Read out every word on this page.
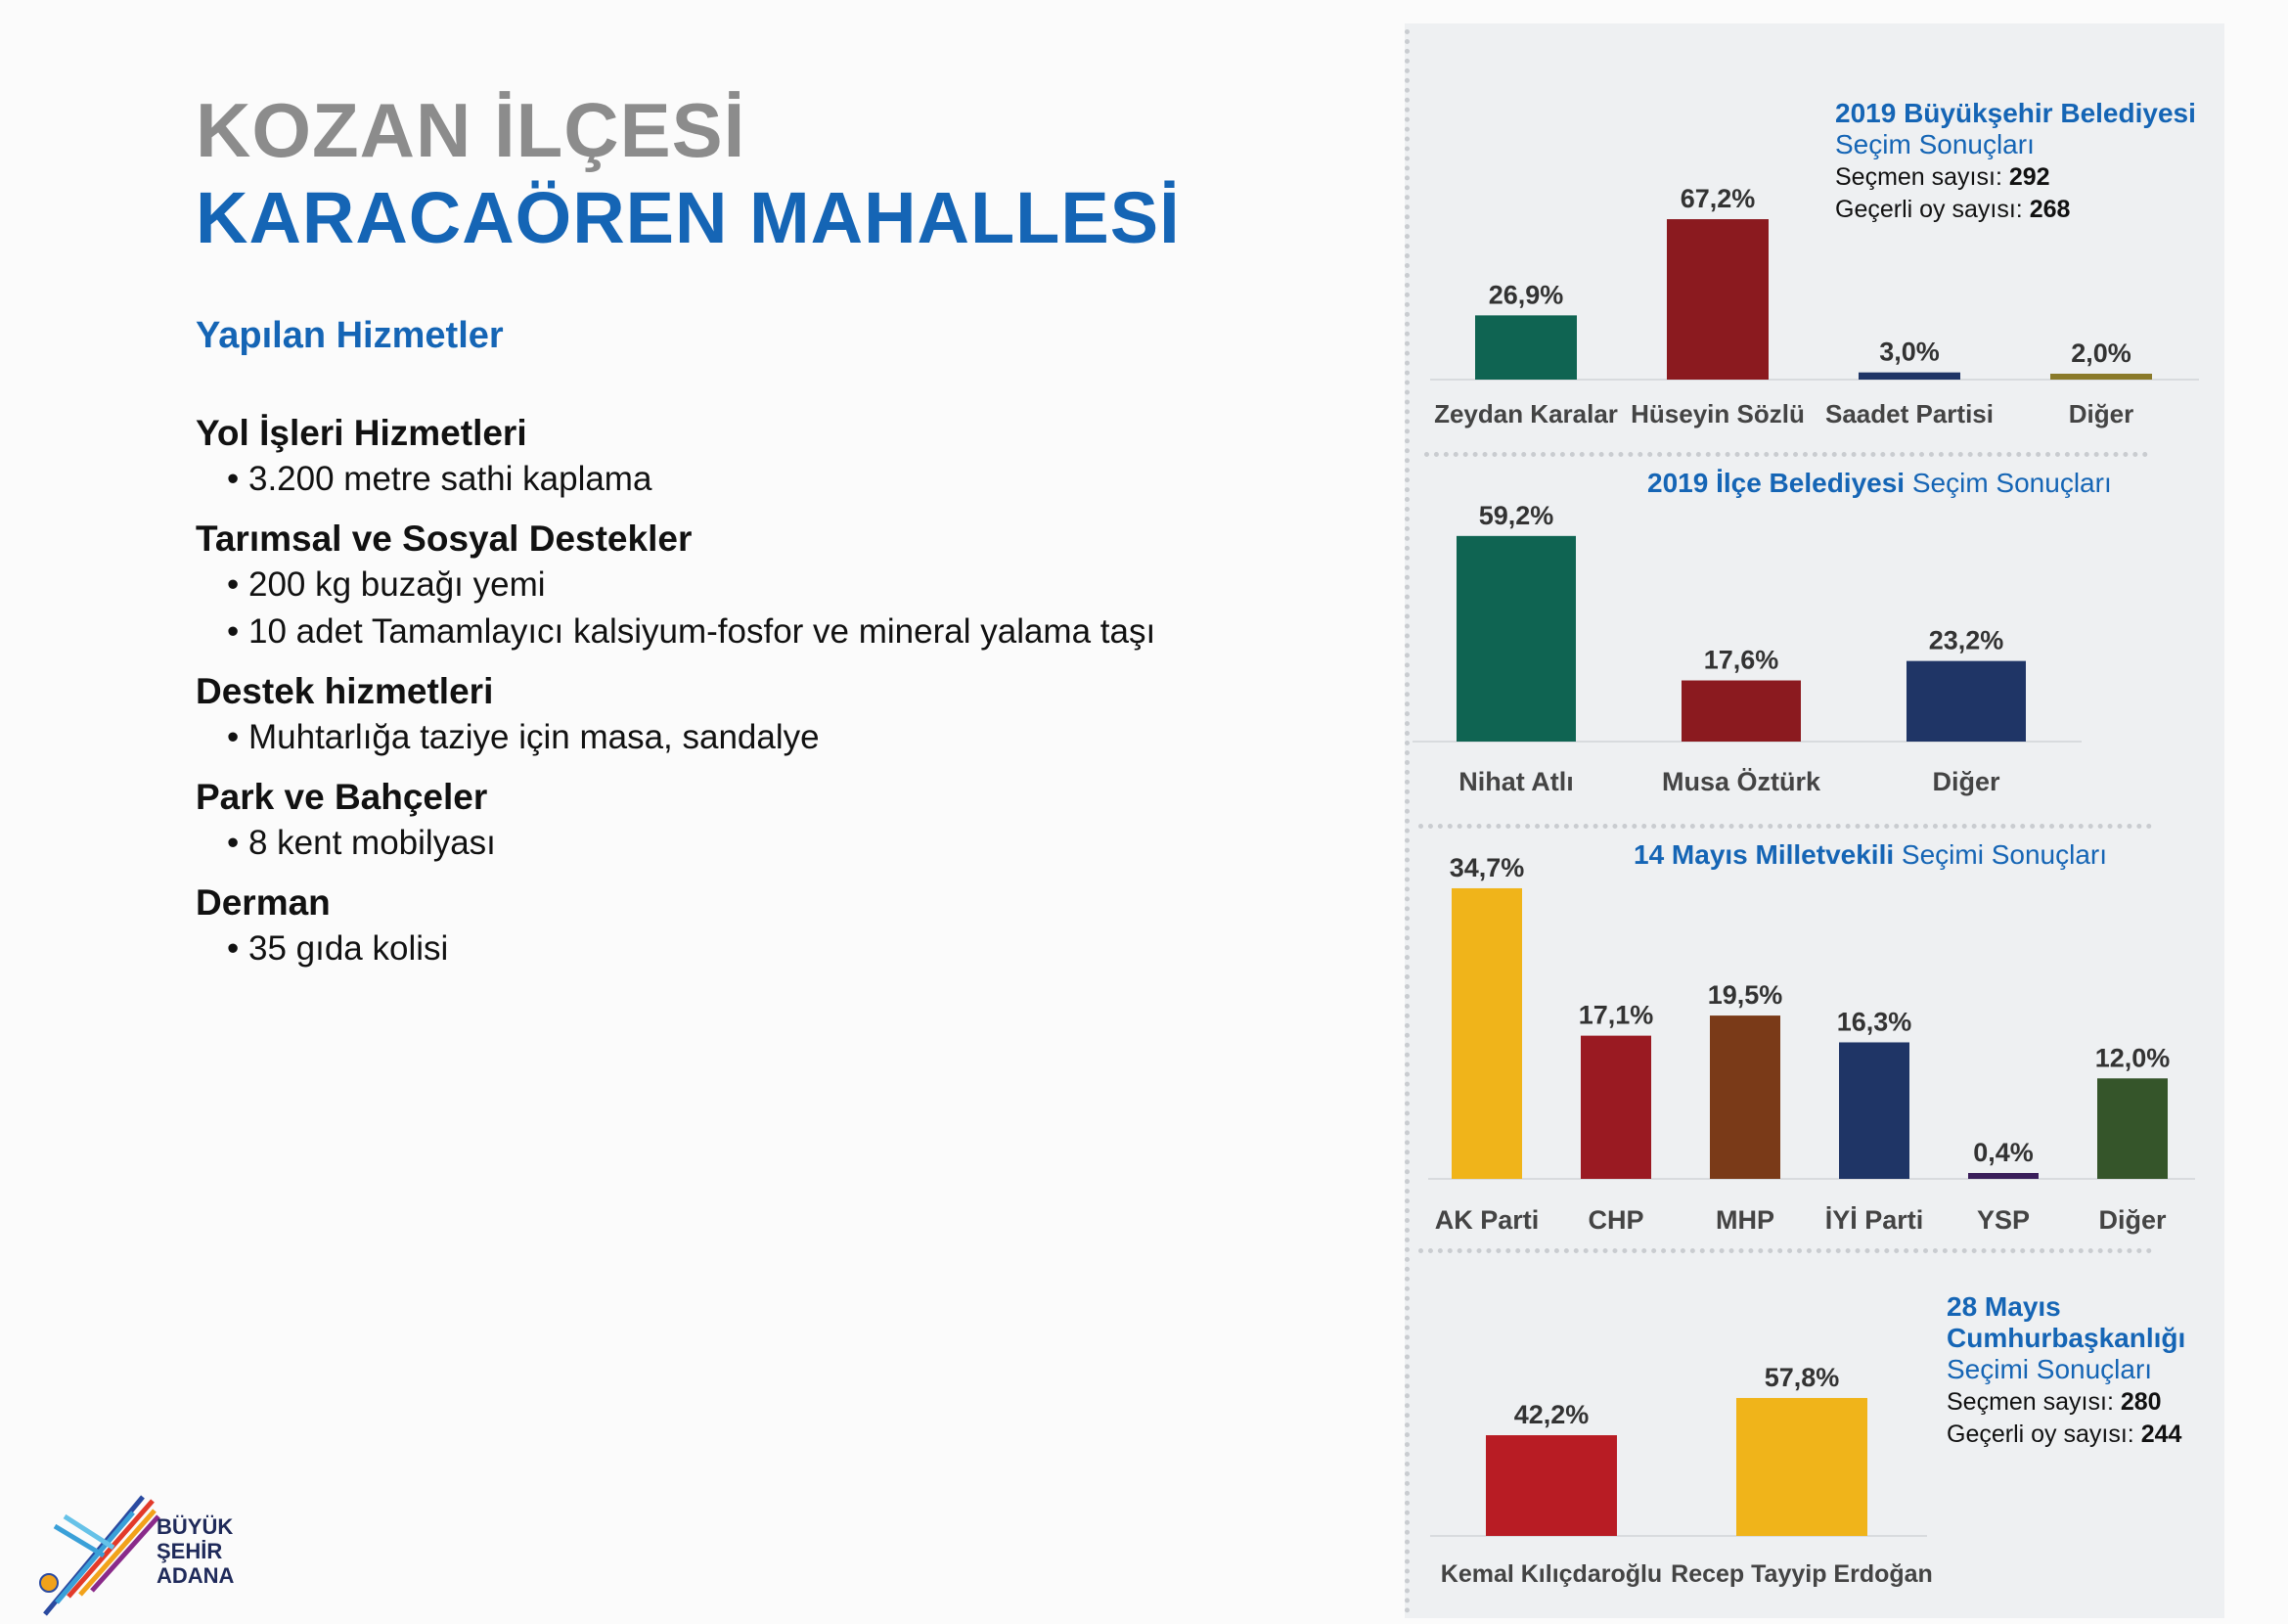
KOZAN İLÇESİ
KARACAÖREN MAHALLESİ
Yapılan Hizmetler

Yol İşleri Hizmetleri

• 3.200 metre sathi kaplama

Tarımsal ve Sosyal Destekler

• 200 kg buzağı yemi

• 10 adet Tamamlayıcı kalsiyum-fosfor ve mineral yalama taşı

Destek hizmetleri

• Muhtarlığa taziye için masa, sandalye

Park ve Bahçeler

• 8 kent mobilyası

Derman

• 35 gıda kolisi

26,9%
Zeydan Karalar
67,2%
Hüseyin Sözlü
3,0%
Saadet Partisi
2,0%
Diğer
59,2%
Nihat Atlı
17,6%
Musa Öztürk
23,2%
Diğer
34,7%
AK Parti
17,1%
CHP
19,5%
MHP
16,3%
İYİ Parti
0,4%
YSP
12,0%
Diğer
42,2%
Kemal Kılıçdaroğlu
57,8%
Recep Tayyip Erdoğan
2019 Büyükşehir Belediyesi
Seçim Sonuçları
Seçmen sayısı: 292
Geçerli oy sayısı: 268
2019 İlçe Belediyesi Seçim Sonuçları
14 Mayıs Milletvekili Seçimi Sonuçları
28 Mayıs
Cumhurbaşkanlığı
Seçimi Sonuçları
Seçmen sayısı: 280
Geçerli oy sayısı: 244
BÜYÜK
ŞEHİR
ADANA
